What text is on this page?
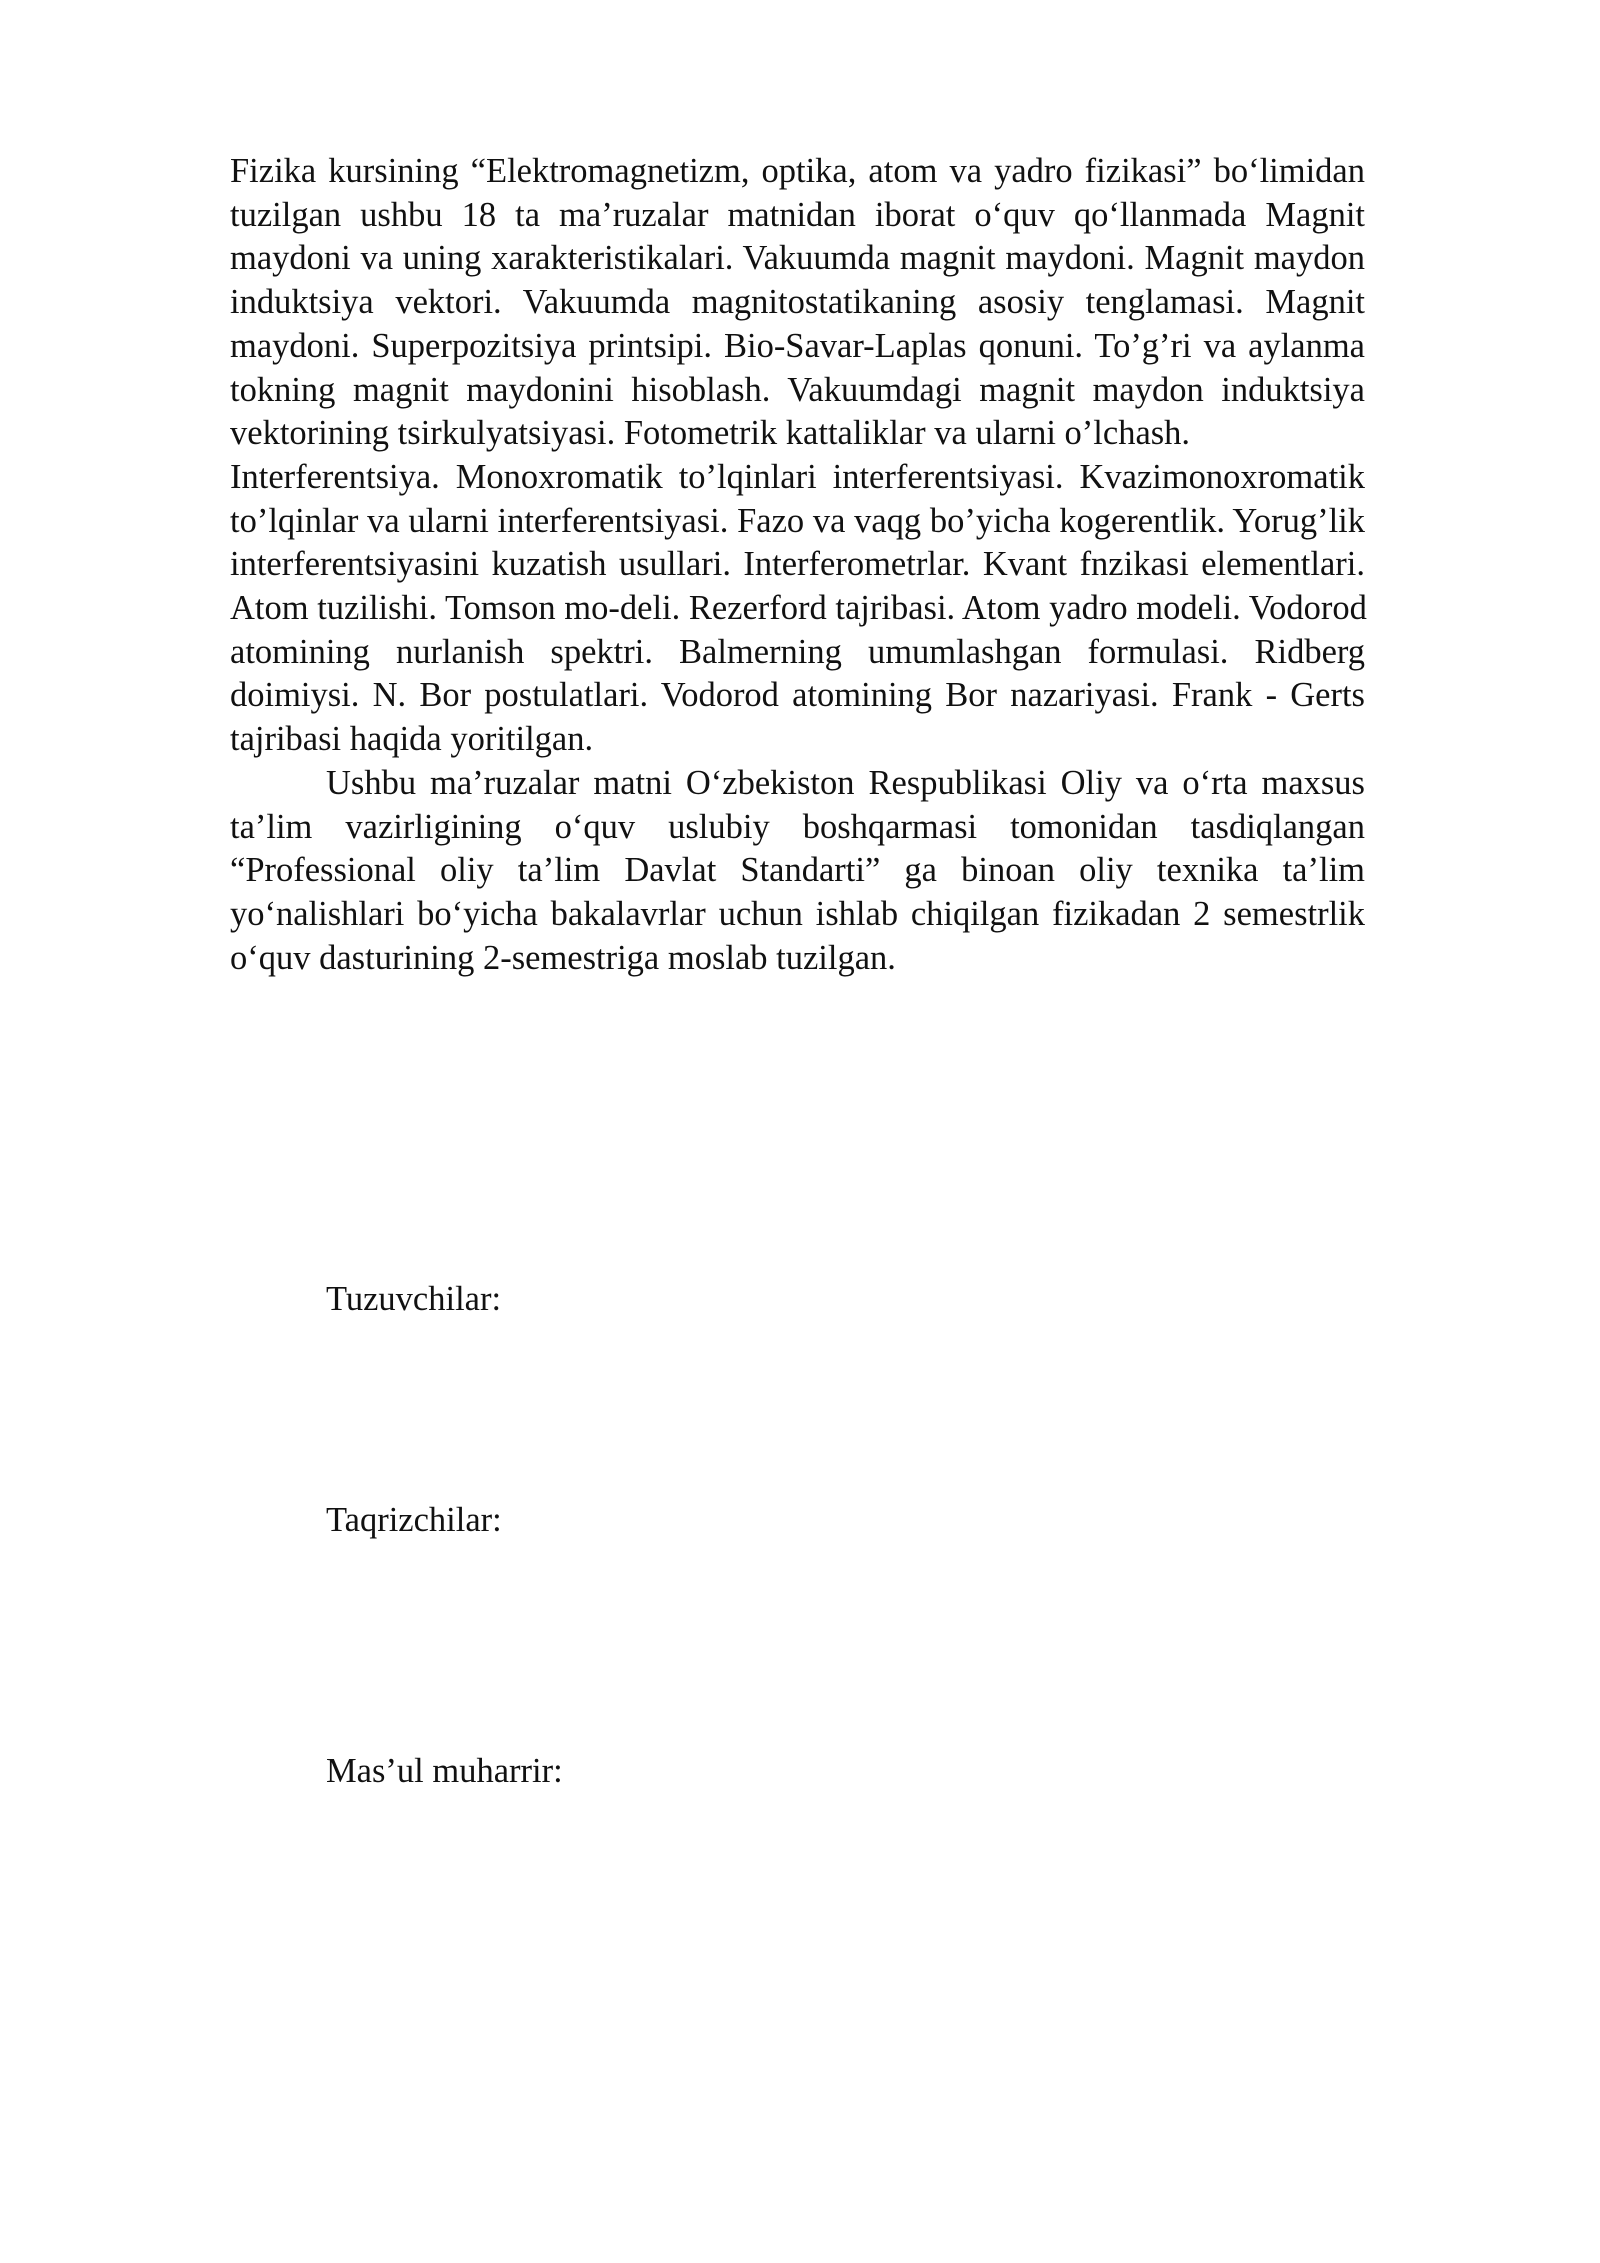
Fizika kursining “Elektromagnetizm, optika, atom va yadro fizikasi” bo‘limidan
tuzilgan ushbu 18 ta ma’ruzalar matnidan iborat o‘quv qo‘llanmada Magnit
maydoni va uning xarakteristikalari. Vakuumda magnit maydoni. Magnit maydon
induktsiya vektori. Vakuumda magnitostatikaning asosiy tenglamasi. Magnit
maydoni. Superpozitsiya printsipi. Bio-Savar-Laplas qonuni. To’g’ri va aylanma
tokning magnit maydonini hisoblash. Vakuumdagi magnit maydon induktsiya
vektorining tsirkulyatsiyasi. Fotometrik kattaliklar va ularni o’lchash.
Interferentsiya. Monoxromatik to’lqinlari interferentsiyasi. Kvazimonoxromatik
to’lqinlar va ularni interferentsiyasi. Fazo va vaqg bo’yicha kogerentlik. Yorug’lik
interferentsiyasini kuzatish usullari. Interferometrlar. Kvant fnzikasi elementlari.
Atom tuzilishi. Tomson mo-deli. Rezerford tajribasi. Atom yadro modeli. Vodorod
atomining nurlanish spektri. Balmerning umumlashgan formulasi. Ridberg
doimiysi. N. Bor postulatlari. Vodorod atomining Bor nazariyasi. Frank - Gerts
tajribasi haqida yoritilgan.
Ushbu ma’ruzalar matni O‘zbekiston Respublikasi Oliy va o‘rta maxsus
ta’lim vazirligining o‘quv uslubiy boshqarmasi tomonidan tasdiqlangan
“Professional oliy ta’lim Davlat Standarti” ga binoan oliy texnika ta’lim
yo‘nalishlari bo‘yicha bakalavrlar uchun ishlab chiqilgan fizikadan 2 semestrlik
o‘quv dasturining 2-semestriga moslab tuzilgan.
Tuzuvchilar:
Taqrizchilar:
Mas’ul muharrir:
